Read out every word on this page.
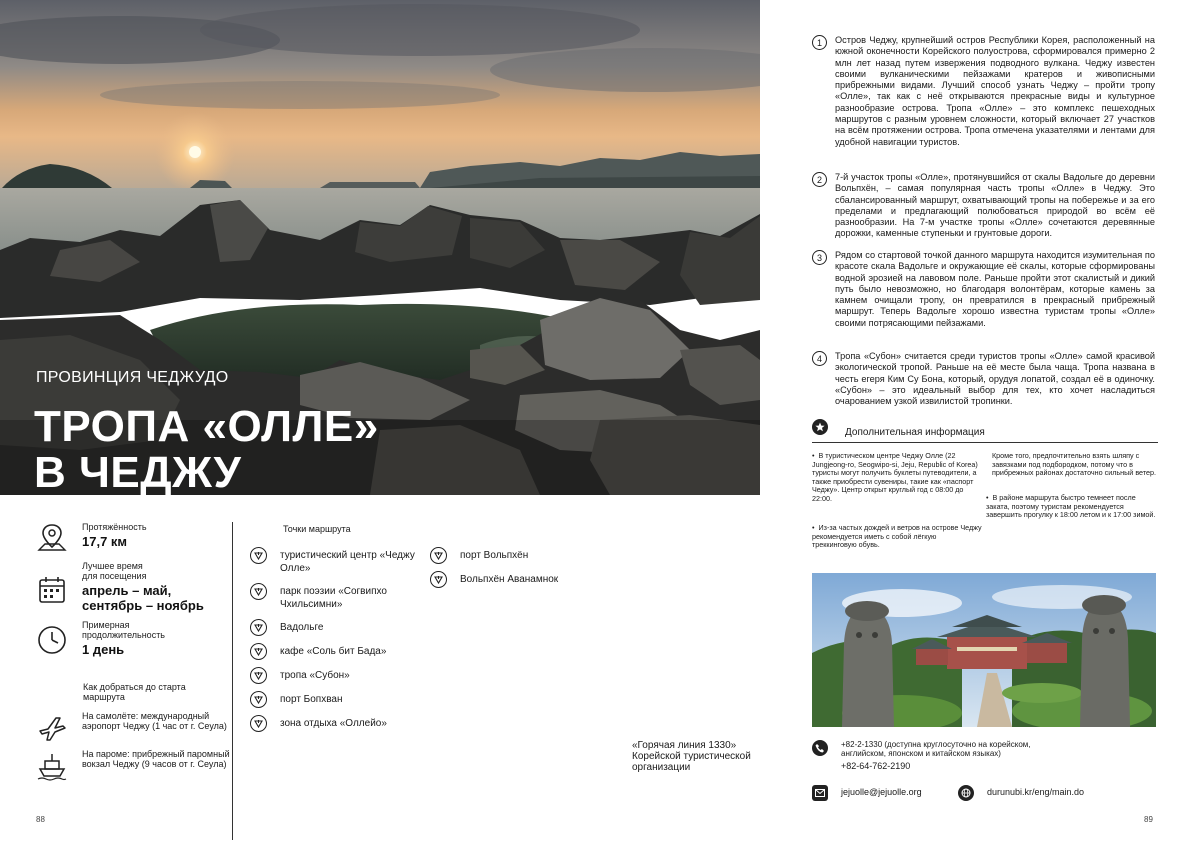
ПРОВИНЦИЯ ЧЕДЖУДО
ТРОПА «ОЛЛЕ»
В ЧЕДЖУ
Протяжённость
17,7 км
Лучшее время для посещения
апрель – май, сентябрь – ноябрь
Примерная продолжительность
1 день
Как добраться до старта маршрута
На самолёте: международный аэропорт Чеджу (1 час от г. Сеула)
На пароме: прибрежный паромный вокзал Чеджу (9 часов от г. Сеула)
Точки маршрута
туристический центр «Чеджу Олле»
парк поэзии «Согвипхо Чхильсимни»
Вадольге
кафе «Соль бит Бада»
тропа «Субон»
порт Бопхван
зона отдыха «Оллейо»
порт Вольпхён
Вольпхён Аванамнок
«Горячая линия 1330» Корейской туристической организации
88
1	Остров Чеджу, крупнейший остров Республики Корея, расположенный на южной оконечности Корейского полуострова, сформировался примерно 2 млн лет назад путем извержения подводного вулкана. Чеджу известен своими вулканическими пейзажами кратеров и живописными прибрежными видами. Лучший способ узнать Чеджу – пройти тропу «Олле», так как с неё открываются прекрасные виды и культурное разнообразие острова. Тропа «Олле» – это комплекс пешеходных маршрутов с разным уровнем сложности, который включает 27 участков на всём протяжении острова. Тропа отмечена указателями и лентами для удобной навигации туристов.
2	7-й участок тропы «Олле», протянувшийся от скалы Вадольге до деревни Вольпхён, – самая популярная часть тропы «Олле» в Чеджу. Это сбалансированный маршрут, охватывающий тропы на побережье и за его пределами и предлагающий полюбоваться природой во всём её разнообразии. На 7-м участке тропы «Олле» сочетаются деревянные дорожки, каменные ступеньки и грунтовые дороги.
3	Рядом со стартовой точкой данного маршрута находится изумительная по красоте скала Вадольге и окружающие её скалы, которые сформированы водной эрозией на лавовом поле. Раньше пройти этот скалистый и дикий путь было невозможно, но благодаря волонтёрам, которые камень за камнем очищали тропу, он превратился в прекрасный прибрежный маршрут. Теперь Вадольге хорошо известна туристам тропы «Олле» своими потрясающими пейзажами.
4	Тропа «Субон» считается среди туристов тропы «Олле» самой красивой экологической тропой. Раньше на её месте была чаща. Тропа названа в честь егеря Ким Су Бона, который, орудуя лопатой, создал её в одиночку. «Субон» – это идеальный выбор для тех, кто хочет насладиться очарованием узкой извилистой тропинки.
Дополнительная информация
•  В туристическом центре Чеджу Олле (22 Jungjeong-ro, Seogwipo-si, Jeju, Republic of Korea) туристы могут получить буклеты путеводители, а также приобрести сувениры, такие как «паспорт Чеджу». Центр открыт круглый год с 08:00 до 22:00.
•  Из-за частых дождей и ветров на острове Чеджу рекомендуется иметь с собой лёгкую треккинговую обувь.
Кроме того, предпочтительно взять шляпу с завязками под подбородком, потому что в прибрежных районах достаточно сильный ветер.
•  В районе маршрута быстро темнеет после заката, поэтому туристам рекомендуется завершить прогулку к 18:00 летом и к 17:00 зимой.
+82-2-1330 (доступна круглосуточно на корейском, английском, японском и китайском языках)
+82-64-762-2190
jejuolle@jejuolle.org	durunubi.kr/eng/main.do
89
